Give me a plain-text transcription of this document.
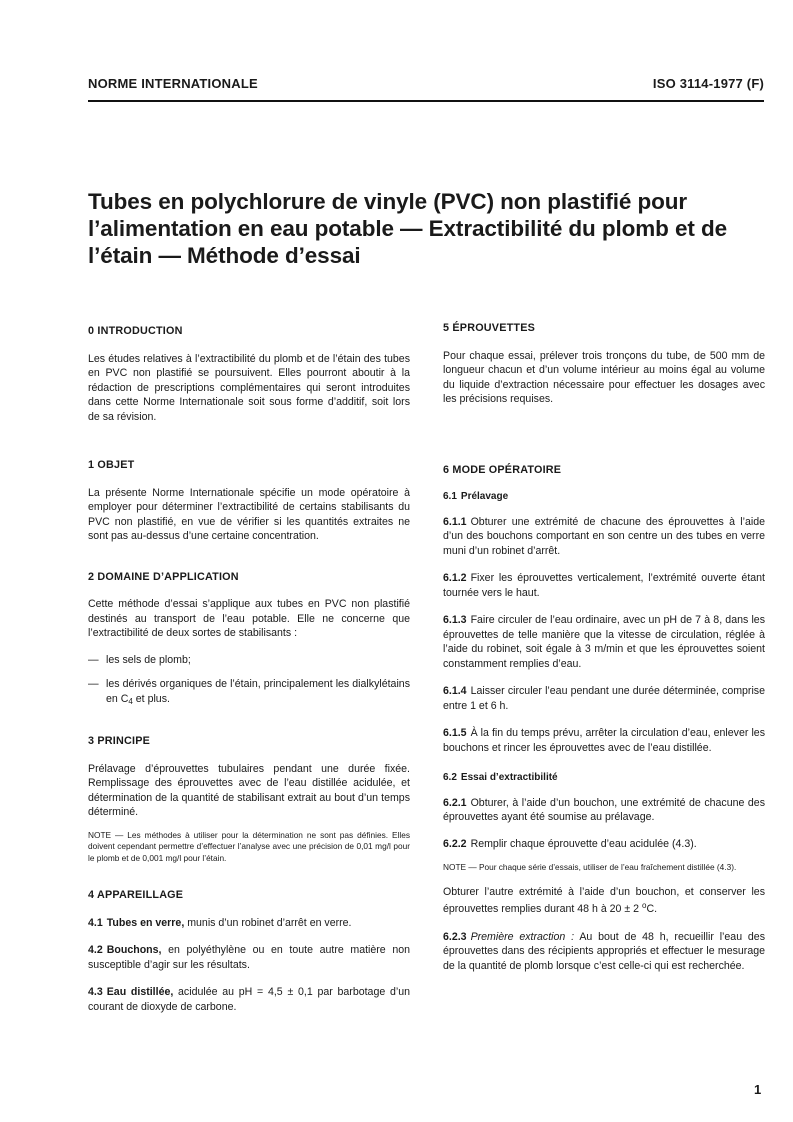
NORME INTERNATIONALE	ISO 3114-1977 (F)
Tubes en polychlorure de vinyle (PVC) non plastifié pour l’alimentation en eau potable — Extractibilité du plomb et de l’étain — Méthode d’essai
0 INTRODUCTION

Les études relatives à l’extractibilité du plomb et de l’étain des tubes en PVC non plastifié se poursuivent. Elles pourront aboutir à la rédaction de prescriptions complémentaires qui seront introduites dans cette Norme Internationale soit sous forme d’additif, soit lors de sa révision.

1 OBJET

La présente Norme Internationale spécifie un mode opératoire à employer pour déterminer l’extractibilité de certains stabilisants du PVC non plastifié, en vue de vérifier si les quantités extraites ne sont pas au-dessus d’une certaine concentration.

2 DOMAINE D’APPLICATION

Cette méthode d’essai s’applique aux tubes en PVC non plastifié destinés au transport de l’eau potable. Elle ne concerne que l’extractibilité de deux sortes de stabilisants :

— les sels de plomb;
— les dérivés organiques de l’étain, principalement les dialkylétains en C4 et plus.
3 PRINCIPE

Prélavage d’éprouvettes tubulaires pendant une durée fixée. Remplissage des éprouvettes avec de l’eau distillée acidulée, et détermination de la quantité de stabilisant extrait au bout d’un temps déterminé.

NOTE — Les méthodes à utiliser pour la détermination ne sont pas définies. Elles doivent cependant permettre d’effectuer l’analyse avec une précision de 0,01 mg/l pour le plomb et de 0,001 mg/l pour l’étain.

4 APPAREILLAGE

4.1 Tubes en verre, munis d’un robinet d’arrêt en verre.

4.2 Bouchons, en polyéthylène ou en toute autre matière non susceptible d’agir sur les résultats.

4.3 Eau distillée, acidulée au pH = 4,5 ± 0,1 par barbotage d’un courant de dioxyde de carbone.

5 ÉPROUVETTES

Pour chaque essai, prélever trois tronçons du tube, de 500 mm de longueur chacun et d’un volume intérieur au moins égal au volume du liquide d’extraction nécessaire pour effectuer les dosages avec les précisions requises.

6 MODE OPÉRATOIRE

6.1 Prélavage

6.1.1 Obturer une extrémité de chacune des éprouvettes à l’aide d’un des bouchons comportant en son centre un des tubes en verre muni d’un robinet d’arrêt.

6.1.2 Fixer les éprouvettes verticalement, l’extrémité ouverte étant tournée vers le haut.

6.1.3 Faire circuler de l’eau ordinaire, avec un pH de 7 à 8, dans les éprouvettes de telle manière que la vitesse de circulation, réglée à l’aide du robinet, soit égale à 3 m/min et que les éprouvettes soient constamment remplies d’eau.

6.1.4 Laisser circuler l’eau pendant une durée déterminée, comprise entre 1 et 6 h.

6.1.5 À la fin du temps prévu, arrêter la circulation d’eau, enlever les bouchons et rincer les éprouvettes avec de l’eau distillée.

6.2 Essai d’extractibilité

6.2.1 Obturer, à l’aide d’un bouchon, une extrémité de chacune des éprouvettes ayant été soumise au prélavage.

6.2.2 Remplir chaque éprouvette d’eau acidulée (4.3).

NOTE — Pour chaque série d’essais, utiliser de l’eau fraîchement distillée (4.3).

Obturer l’autre extrémité à l’aide d’un bouchon, et conserver les éprouvettes remplies durant 48 h à 20 ± 2 $^o$C.

6.2.3 Première extraction : Au bout de 48 h, recueillir l’eau des éprouvettes dans des récipients appropriés et effectuer le mesurage de la quantité de plomb lorsque c’est celle-ci qui est recherchée.

1
